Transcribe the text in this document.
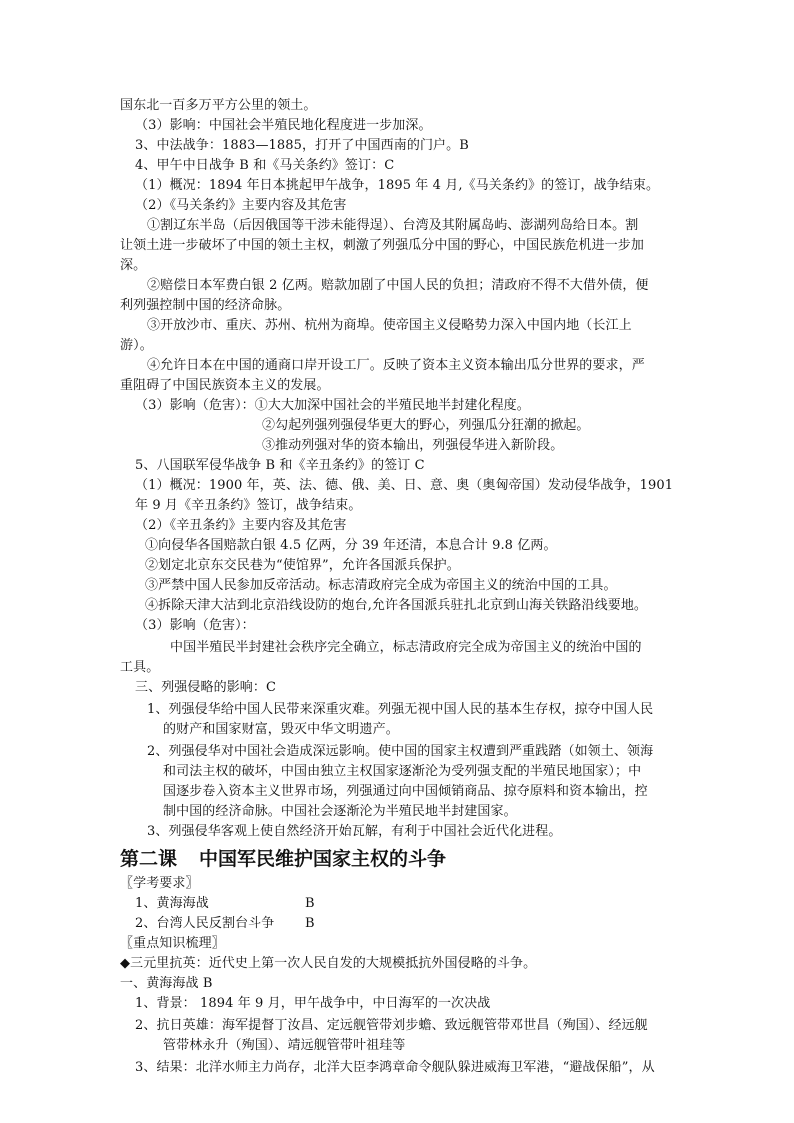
国东北一百多万平方公里的领土。
（3）影响：中国社会半殖民地化程度进一步加深。
3、中法战争：1883—1885，打开了中国西南的门户。B
4、甲午中日战争 B 和《马关条约》签订：C
（1）概况：1894 年日本挑起甲午战争，1895 年 4 月,《马关条约》的签订，战争结束。
（2）《马关条约》主要内容及其危害
①割辽东半岛（后因俄国等干涉未能得逞）、台湾及其附属岛屿、澎湖列岛给日本。割
让领土进一步破坏了中国的领土主权，刺激了列强瓜分中国的野心，中国民族危机进一步加
深。
②赔偿日本军费白银 2 亿两。赔款加剧了中国人民的负担；清政府不得不大借外债，便
利列强控制中国的经济命脉。
③开放沙市、重庆、苏州、杭州为商埠。使帝国主义侵略势力深入中国内地（长江上
游）。
④允许日本在中国的通商口岸开设工厂。反映了资本主义资本输出瓜分世界的要求，严
重阻碍了中国民族资本主义的发展。
（3）影响（危害）：①大大加深中国社会的半殖民地半封建化程度。
②勾起列强列强侵华更大的野心，列强瓜分狂潮的掀起。
③推动列强对华的资本输出，列强侵华进入新阶段。
5、八国联军侵华战争 B 和《辛丑条约》的签订 C
（1）概况：1900 年，英、法、德、俄、美、日、意、奥（奥匈帝国）发动侵华战争，1901
年 9 月《辛丑条约》签订，战争结束。
（2）《辛丑条约》主要内容及其危害
①向侵华各国赔款白银 4.5 亿两，分 39 年还清，本息合计 9.8 亿两。
②划定北京东交民巷为“使馆界”，允许各国派兵保护。
③严禁中国人民参加反帝活动。标志清政府完全成为帝国主义的统治中国的工具。
④拆除天津大沽到北京沿线设防的炮台,允许各国派兵驻扎北京到山海关铁路沿线要地。
（3）影响（危害）：
中国半殖民半封建社会秩序完全确立，标志清政府完全成为帝国主义的统治中国的
工具。
三、列强侵略的影响：C
1、列强侵华给中国人民带来深重灾难。列强无视中国人民的基本生存权，掠夺中国人民
的财产和国家财富，毁灭中华文明遗产。
2、列强侵华对中国社会造成深远影响。使中国的国家主权遭到严重践踏（如领土、领海
和司法主权的破坏，中国由独立主权国家逐渐沦为受列强支配的半殖民地国家）；中
国逐步卷入资本主义世界市场，列强通过向中国倾销商品、掠夺原料和资本输出，控
制中国的经济命脉。中国社会逐渐沦为半殖民地半封建国家。
3、列强侵华客观上使自然经济开始瓦解，有利于中国社会近代化进程。
第二课 中国军民维护国家主权的斗争
〖学考要求〗
1、黄海海战	B
2、台湾人民反割台斗争 B
〖重点知识梳理〗
◆三元里抗英：近代史上第一次人民自发的大规模抵抗外国侵略的斗争。
一、黄海海战 B
1、背景： 1894 年 9 月，甲午战争中，中日海军的一次决战
2、抗日英雄：海军提督丁汝昌、定远舰管带刘步蟾、致远舰管带邓世昌（殉国）、经远舰
管带林永升（殉国）、靖远舰管带叶祖珪等
3、结果：北洋水师主力尚存，北洋大臣李鸿章命令舰队躲进威海卫军港，“避战保船”，从
